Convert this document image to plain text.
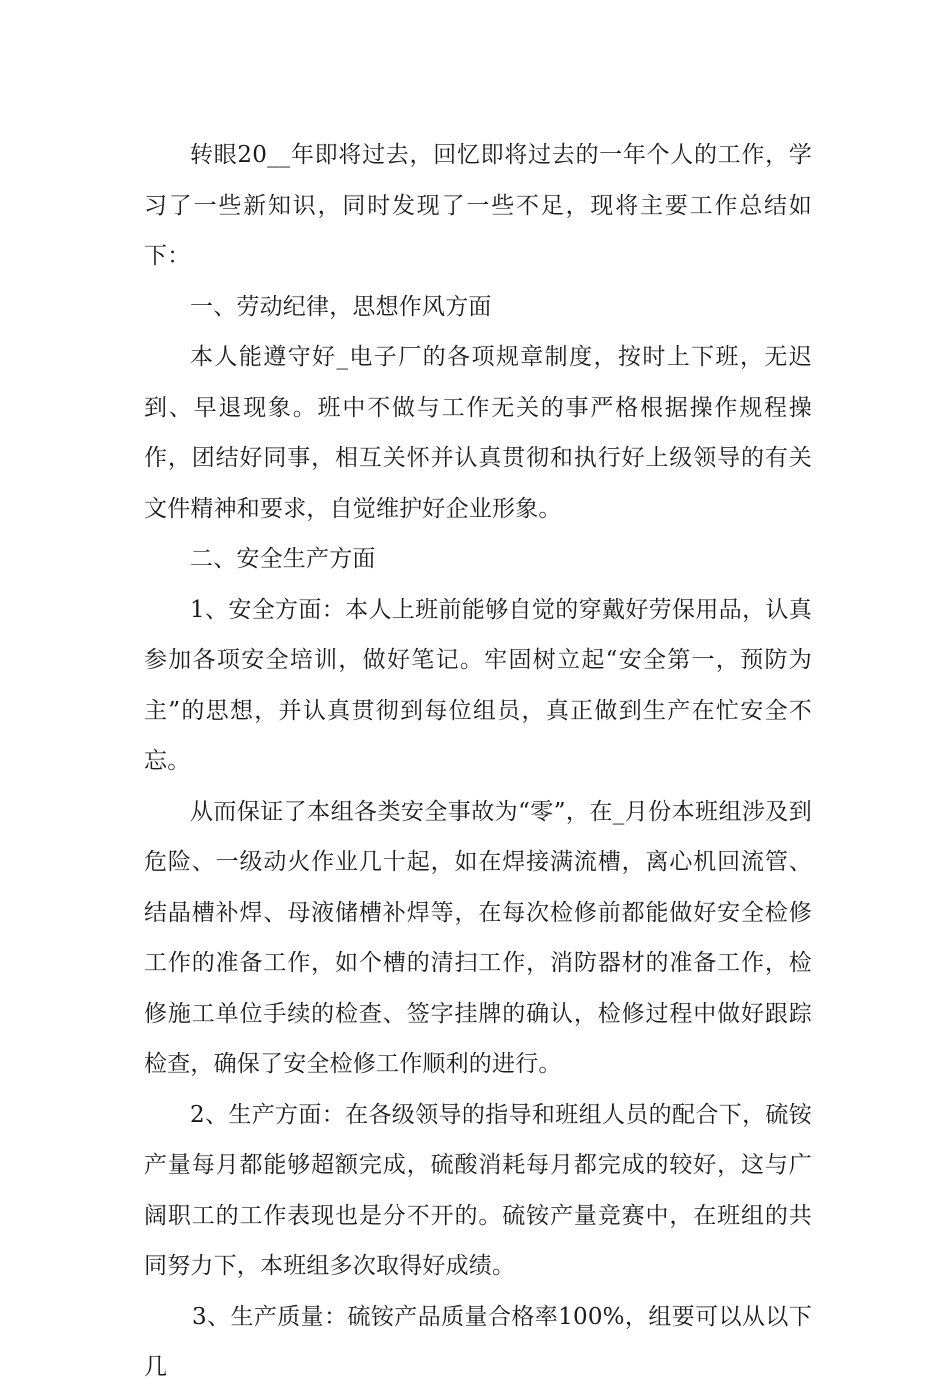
转眼20__年即将过去，回忆即将过去的一年个人的工作，学习了一些新知识，同时发现了一些不足，现将主要工作总结如下：

一、劳动纪律，思想作风方面

本人能遵守好_电子厂的各项规章制度，按时上下班，无迟到、早退现象。班中不做与工作无关的事严格根据操作规程操作，团结好同事，相互关怀并认真贯彻和执行好上级领导的有关文件精神和要求，自觉维护好企业形象。

二、安全生产方面

1、安全方面：本人上班前能够自觉的穿戴好劳保用品，认真参加各项安全培训，做好笔记。牢固树立起“安全第一，预防为主”的思想，并认真贯彻到每位组员，真正做到生产在忙安全不忘。

从而保证了本组各类安全事故为“零”，在_月份本班组涉及到危险、一级动火作业几十起，如在焊接满流槽，离心机回流管、结晶槽补焊、母液储槽补焊等，在每次检修前都能做好安全检修工作的准备工作，如个槽的清扫工作，消防器材的准备工作，检修施工单位手续的检查、签字挂牌的确认，检修过程中做好跟踪检查，确保了安全检修工作顺利的进行。

2、生产方面：在各级领导的指导和班组人员的配合下，硫铵产量每月都能够超额完成，硫酸消耗每月都完成的较好，这与广阔职工的工作表现也是分不开的。硫铵产量竞赛中，在班组的共同努力下，本班组多次取得好成绩。

3、生产质量：硫铵产品质量合格率100%，组要可以从以下几
